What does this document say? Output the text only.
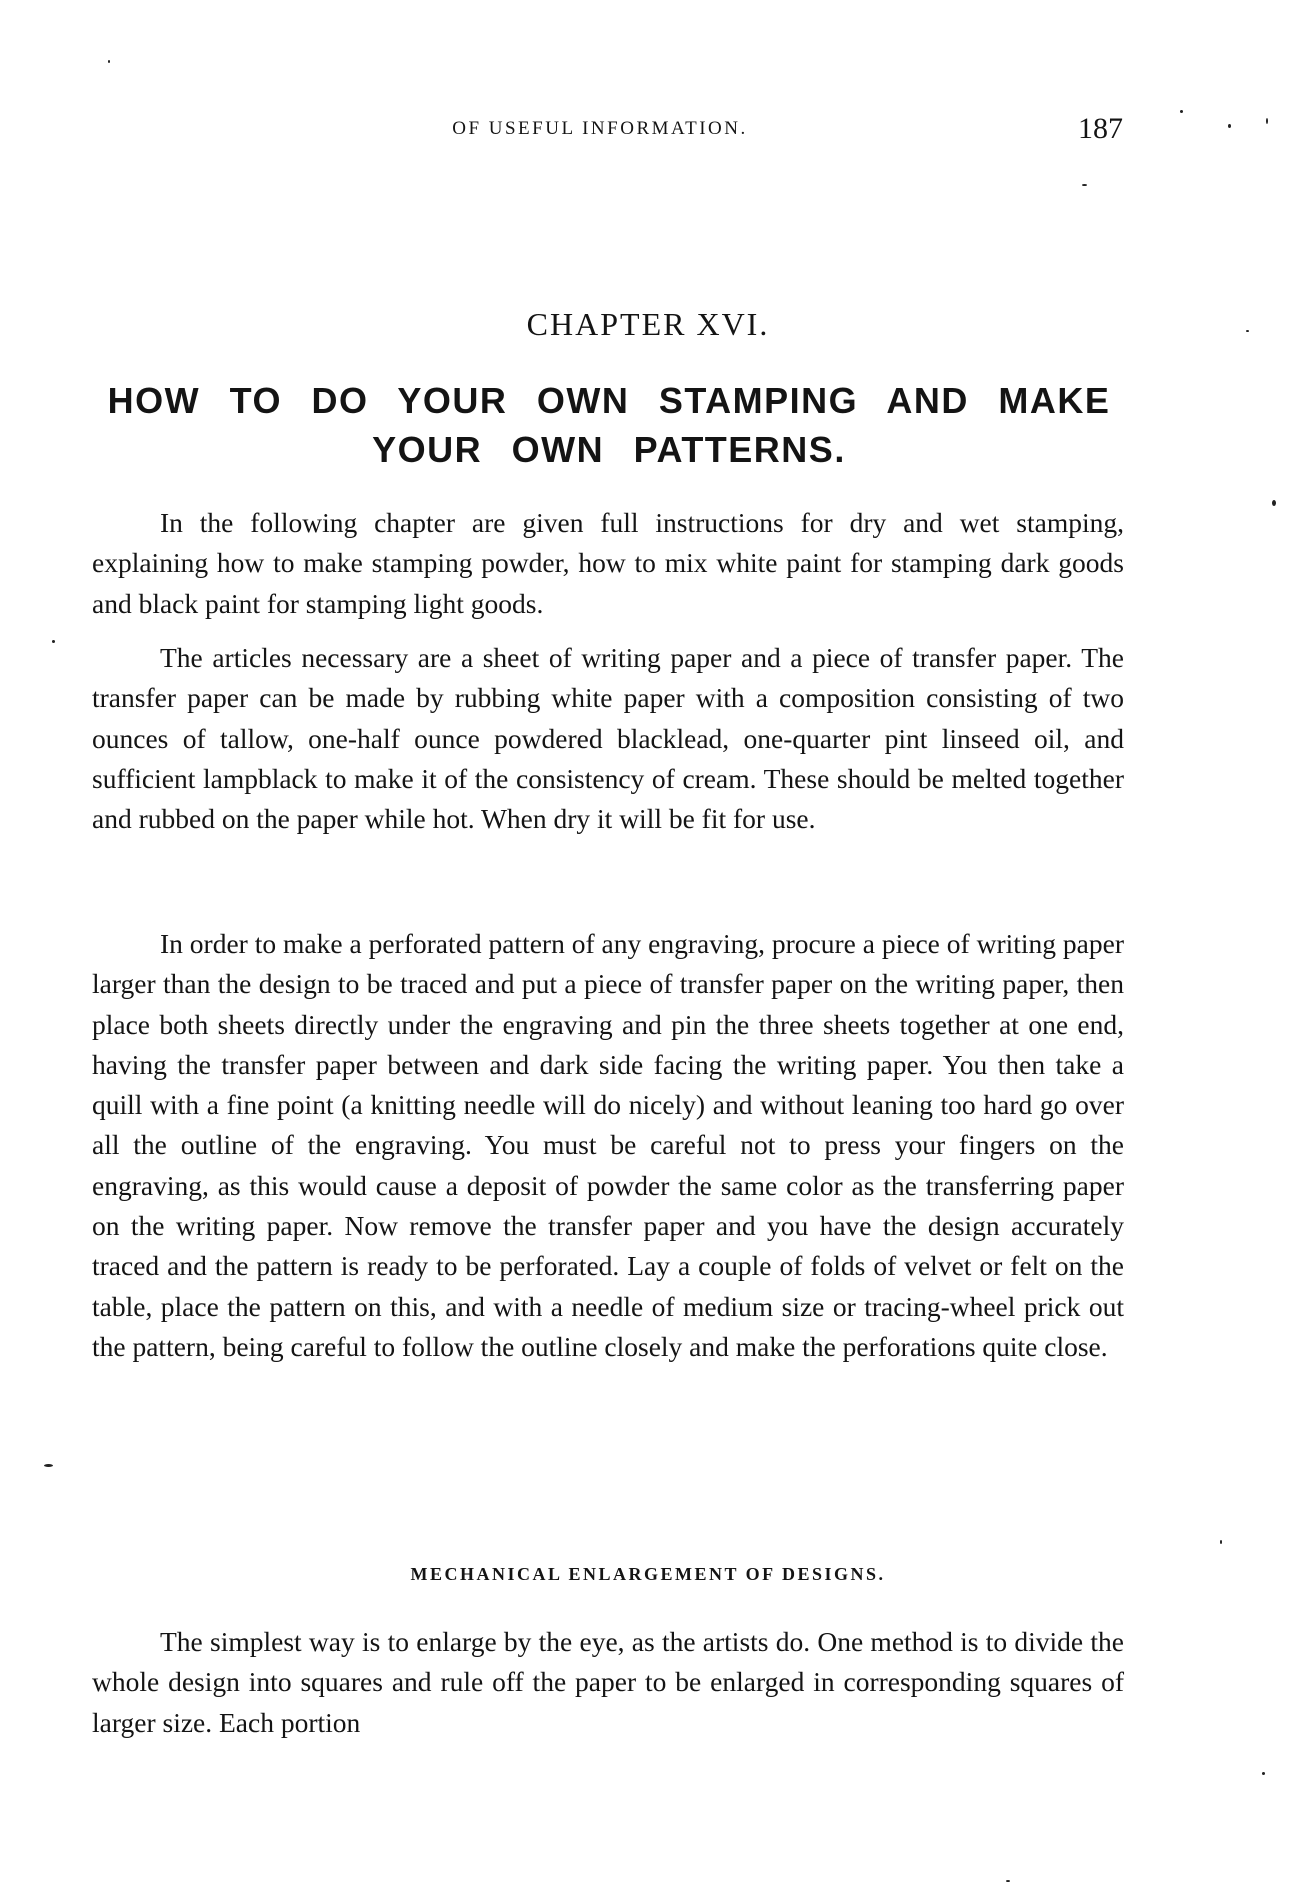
OF USEFUL INFORMATION.	187
CHAPTER XVI.
HOW TO DO YOUR OWN STAMPING AND MAKE YOUR OWN PATTERNS.

In the following chapter are given full instructions for dry and wet stamping, explaining how to make stamping powder, how to mix white paint for stamping dark goods and black paint for stamping light goods.

The articles necessary are a sheet of writing paper and a piece of transfer paper. The transfer paper can be made by rubbing white paper with a composition consisting of two ounces of tallow, one-half ounce powdered blacklead, one-quarter pint linseed oil, and sufficient lampblack to make it of the consistency of cream. These should be melted together and rubbed on the paper while hot. When dry it will be fit for use.

In order to make a perforated pattern of any engraving, procure a piece of writing paper larger than the design to be traced and put a piece of transfer paper on the writing paper, then place both sheets directly under the engraving and pin the three sheets together at one end, having the transfer paper between and dark side facing the writing paper. You then take a quill with a fine point (a knitting needle will do nicely) and without leaning too hard go over all the outline of the engraving. You must be careful not to press your fingers on the engraving, as this would cause a deposit of powder the same color as the transferring paper on the writing paper. Now remove the transfer paper and you have the design accurately traced and the pattern is ready to be perforated. Lay a couple of folds of velvet or felt on the table, place the pattern on this, and with a needle of medium size or tracing-wheel prick out the pattern, being careful to follow the outline closely and make the perforations quite close.

MECHANICAL ENLARGEMENT OF DESIGNS.

The simplest way is to enlarge by the eye, as the artists do. One method is to divide the whole design into squares and rule off the paper to be enlarged in corresponding squares of larger size. Each portion
